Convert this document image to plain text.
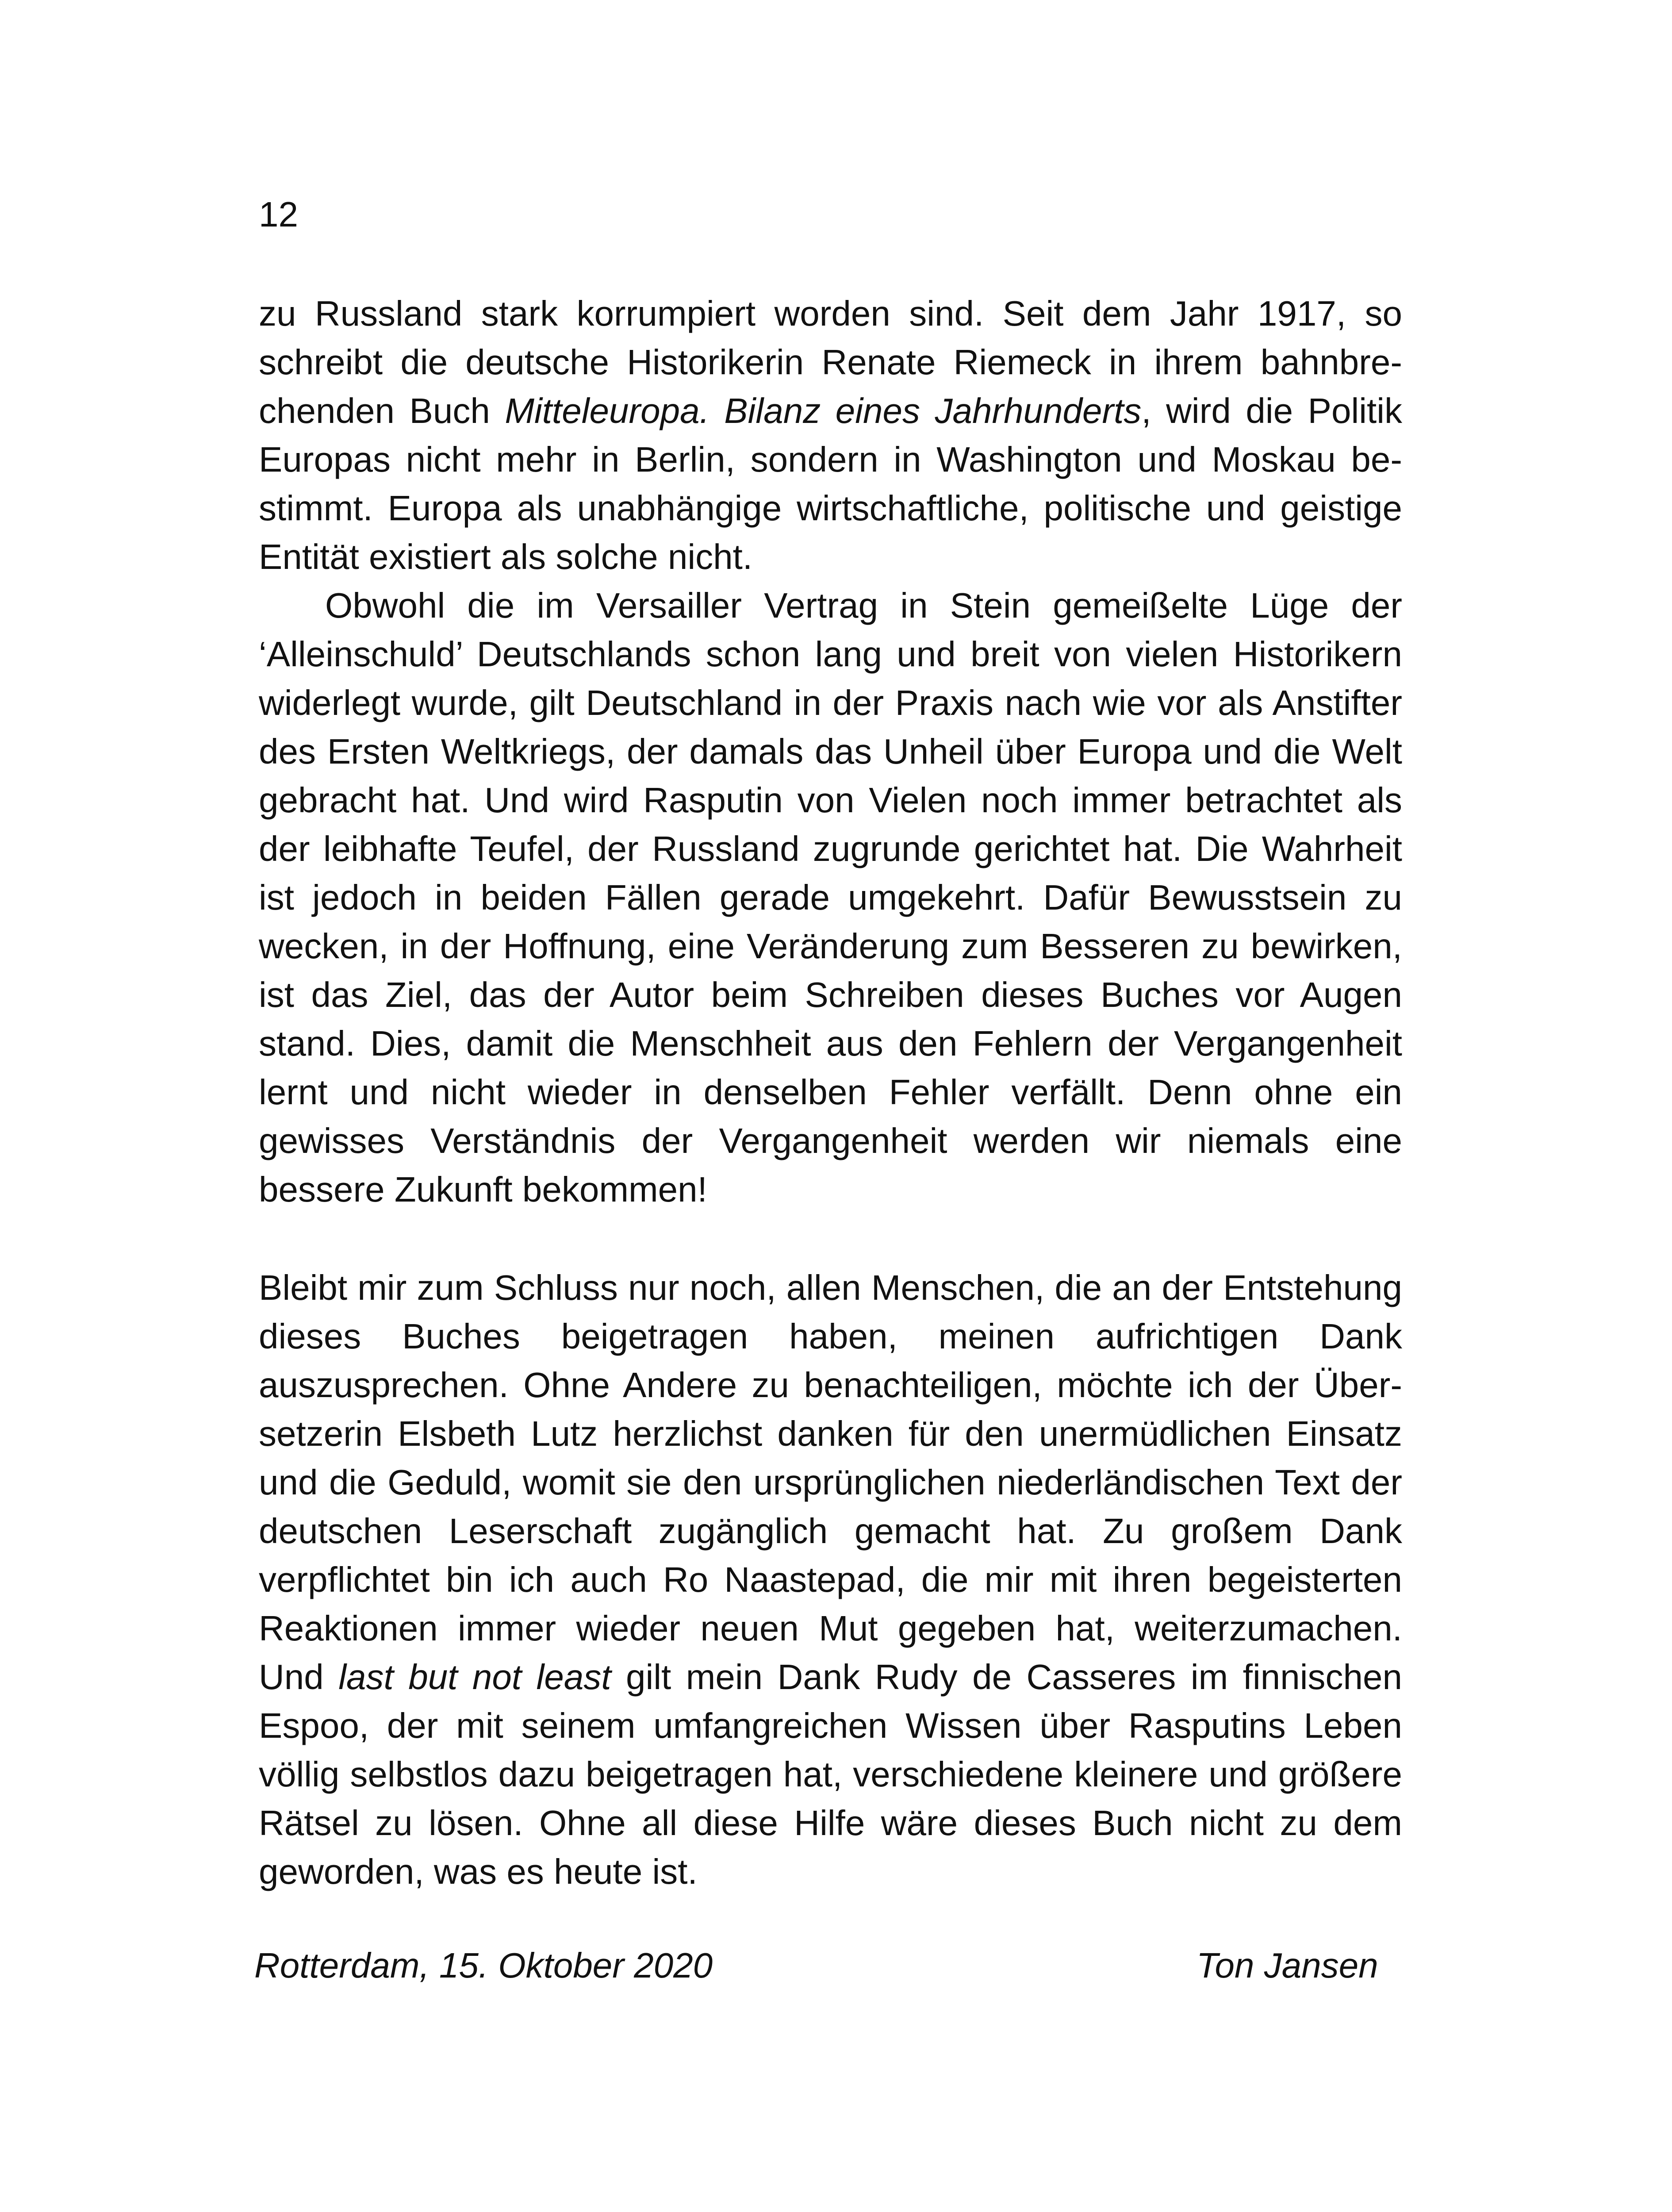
12

zu Russland stark korrumpiert worden sind. Seit dem Jahr 1917, so schreibt die deutsche Historikerin Renate Riemeck in ihrem bahnbrechenden Buch Mitteleuropa. Bilanz eines Jahrhunderts, wird die Politik Europas nicht mehr in Berlin, sondern in Washington und Moskau bestimmt. Europa als unabhängige wirtschaftliche, politische und geistige Entität existiert als solche nicht.

Obwohl die im Versailler Vertrag in Stein gemeißelte Lüge der ‘Alleinschuld’ Deutschlands schon lang und breit von vielen Historikern widerlegt wurde, gilt Deutschland in der Praxis nach wie vor als Anstifter des Ersten Weltkriegs, der damals das Unheil über Europa und die Welt gebracht hat. Und wird Rasputin von Vielen noch immer betrachtet als der leibhafte Teufel, der Russland zugrunde gerichtet hat. Die Wahrheit ist jedoch in beiden Fällen gerade umgekehrt. Dafür Bewusstsein zu wecken, in der Hoffnung, eine Veränderung zum Besseren zu bewirken, ist das Ziel, das der Autor beim Schreiben dieses Buches vor Augen stand. Dies, damit die Menschheit aus den Fehlern der Vergangenheit lernt und nicht wieder in denselben Fehler verfällt. Denn ohne ein gewisses Verständnis der Vergangenheit werden wir niemals eine bessere Zukunft bekommen!

Bleibt mir zum Schluss nur noch, allen Menschen, die an der Entstehung dieses Buches beigetragen haben, meinen aufrichtigen Dank auszusprechen. Ohne Andere zu benachteiligen, möchte ich der Übersetzerin Elsbeth Lutz herzlichst danken für den unermüdlichen Einsatz und die Geduld, womit sie den ursprünglichen niederländischen Text der deutschen Leserschaft zugänglich gemacht hat. Zu großem Dank verpflichtet bin ich auch Ro Naastepad, die mir mit ihren begeisterten Reaktionen immer wieder neuen Mut gegeben hat, weiterzumachen. Und last but not least gilt mein Dank Rudy de Casseres im finnischen Espoo, der mit seinem umfangreichen Wissen über Rasputins Leben völlig selbstlos dazu beigetragen hat, verschiedene kleinere und größere Rätsel zu lösen. Ohne all diese Hilfe wäre dieses Buch nicht zu dem geworden, was es heute ist.

Rotterdam, 15. Oktober 2020	Ton Jansen
